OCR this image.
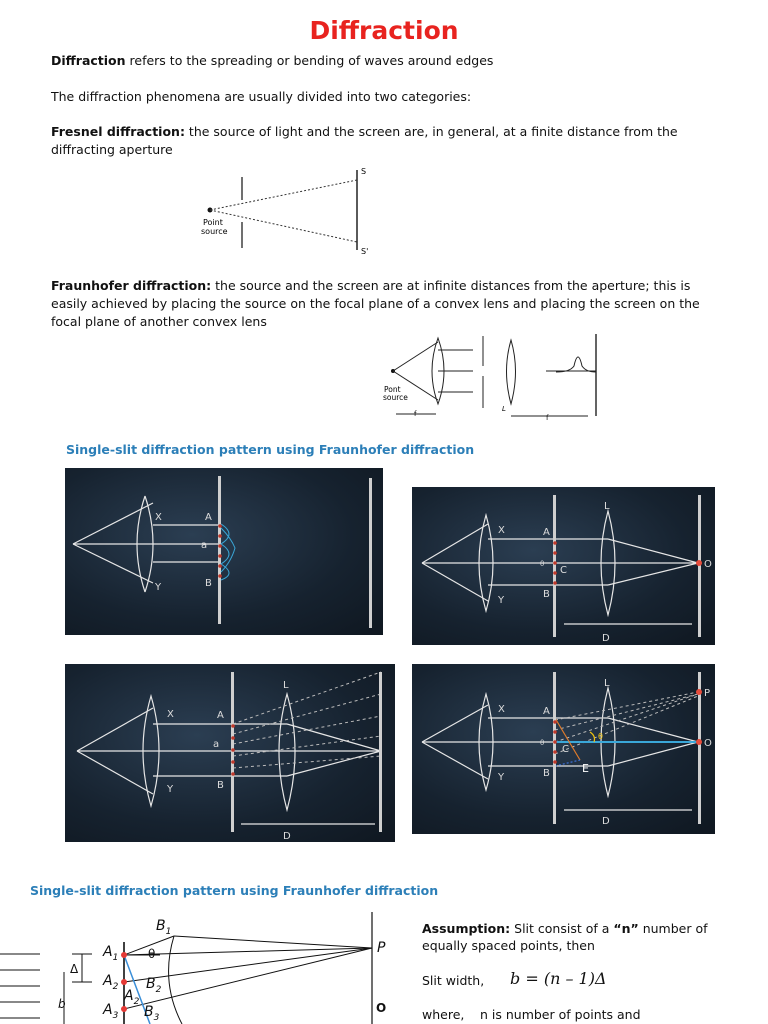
Diffraction
Diffraction refers to the spreading or bending of waves around edges
The diffraction phenomena are usually divided into two categories:
Fresnel diffraction: the source of light and the screen are, in general, at a finite distance from the diffracting aperture
Point
source
S
S'
Fraunhofer diffraction: the source and the screen are at infinite distances from the aperture; this is easily achieved by placing the source on the focal plane of a convex lens and placing the screen on the focal plane of another convex lens
Pont
source
f
L
f
Single-slit diffraction pattern using Fraunhofer diffraction
X
Y
A
a
B
X
Y
A
θ
C
B
L
O
D
X
Y
A
a
B
L
D
X
Y
A
θ
C
B	E
θ
L
P
O
D
Single-slit diffraction pattern using Fraunhofer diffraction
$B_1$
$A_1$
$A_2$
$A_2$
$B_2$
$A_3$ $B_3$
Δ
b
θ	P
O
Assumption: Slit consist of a “n” number of equally spaced points, then
Slit width, b = (n – 1)Δ
where, n is number of points and
